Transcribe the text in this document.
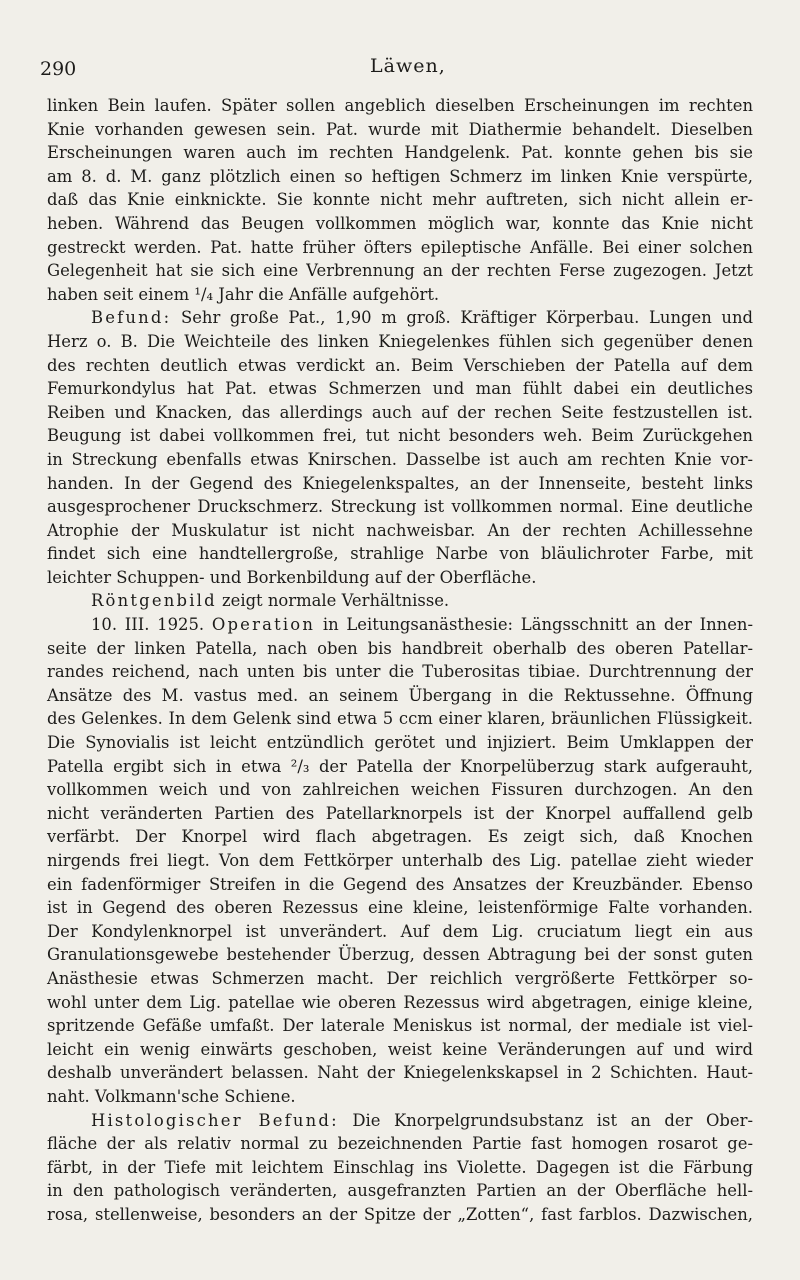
290	Läwen,
linken Bein laufen. Später sollen angeblich dieselben Erscheinungen im rechten
Knie vorhanden gewesen sein. Pat. wurde mit Diathermie behandelt. Dieselben
Erscheinungen waren auch im rechten Handgelenk. Pat. konnte gehen bis sie
am 8. d. M. ganz plötzlich einen so heftigen Schmerz im linken Knie verspürte,
daß das Knie einknickte. Sie konnte nicht mehr auftreten, sich nicht allein er-
heben. Während das Beugen vollkommen möglich war, konnte das Knie nicht
gestreckt werden. Pat. hatte früher öfters epileptische Anfälle. Bei einer solchen
Gelegenheit hat sie sich eine Verbrennung an der rechten Ferse zugezogen. Jetzt
haben seit einem ¹/₄ Jahr die Anfälle aufgehört.
Befund: Sehr große Pat., 1,90 m groß. Kräftiger Körperbau. Lungen und
Herz o. B. Die Weichteile des linken Kniegelenkes fühlen sich gegenüber denen
des rechten deutlich etwas verdickt an. Beim Verschieben der Patella auf dem
Femurkondylus hat Pat. etwas Schmerzen und man fühlt dabei ein deutliches
Reiben und Knacken, das allerdings auch auf der rechen Seite festzustellen ist.
Beugung ist dabei vollkommen frei, tut nicht besonders weh. Beim Zurückgehen
in Streckung ebenfalls etwas Knirschen. Dasselbe ist auch am rechten Knie vor-
handen. In der Gegend des Kniegelenkspaltes, an der Innenseite, besteht links
ausgesprochener Druckschmerz. Streckung ist vollkommen normal. Eine deutliche
Atrophie der Muskulatur ist nicht nachweisbar. An der rechten Achillessehne
findet sich eine handtellergroße, strahlige Narbe von bläulichroter Farbe, mit
leichter Schuppen- und Borkenbildung auf der Oberfläche.
Röntgenbild zeigt normale Verhältnisse.
10. III. 1925. Operation in Leitungsanästhesie: Längsschnitt an der Innen-
seite der linken Patella, nach oben bis handbreit oberhalb des oberen Patellar-
randes reichend, nach unten bis unter die Tuberositas tibiae. Durchtrennung der
Ansätze des M. vastus med. an seinem Übergang in die Rektussehne. Öffnung
des Gelenkes. In dem Gelenk sind etwa 5 ccm einer klaren, bräunlichen Flüssigkeit.
Die Synovialis ist leicht entzündlich gerötet und injiziert. Beim Umklappen der
Patella ergibt sich in etwa ²/₃ der Patella der Knorpelüberzug stark aufgerauht,
vollkommen weich und von zahlreichen weichen Fissuren durchzogen. An den
nicht veränderten Partien des Patellarknorpels ist der Knorpel auffallend gelb
verfärbt. Der Knorpel wird flach abgetragen. Es zeigt sich, daß Knochen
nirgends frei liegt. Von dem Fettkörper unterhalb des Lig. patellae zieht wieder
ein fadenförmiger Streifen in die Gegend des Ansatzes der Kreuzbänder. Ebenso
ist in Gegend des oberen Rezessus eine kleine, leistenförmige Falte vorhanden.
Der Kondylenknorpel ist unverändert. Auf dem Lig. cruciatum liegt ein aus
Granulationsgewebe bestehender Überzug, dessen Abtragung bei der sonst guten
Anästhesie etwas Schmerzen macht. Der reichlich vergrößerte Fettkörper so-
wohl unter dem Lig. patellae wie oberen Rezessus wird abgetragen, einige kleine,
spritzende Gefäße umfaßt. Der laterale Meniskus ist normal, der mediale ist viel-
leicht ein wenig einwärts geschoben, weist keine Veränderungen auf und wird
deshalb unverändert belassen. Naht der Kniegelenkskapsel in 2 Schichten. Haut-
naht. Volkmann'sche Schiene.
Histologischer Befund: Die Knorpelgrundsubstanz ist an der Ober-
fläche der als relativ normal zu bezeichnenden Partie fast homogen rosarot ge-
färbt, in der Tiefe mit leichtem Einschlag ins Violette. Dagegen ist die Färbung
in den pathologisch veränderten, ausgefranzten Partien an der Oberfläche hell-
rosa, stellenweise, besonders an der Spitze der „Zotten“, fast farblos. Dazwischen,
